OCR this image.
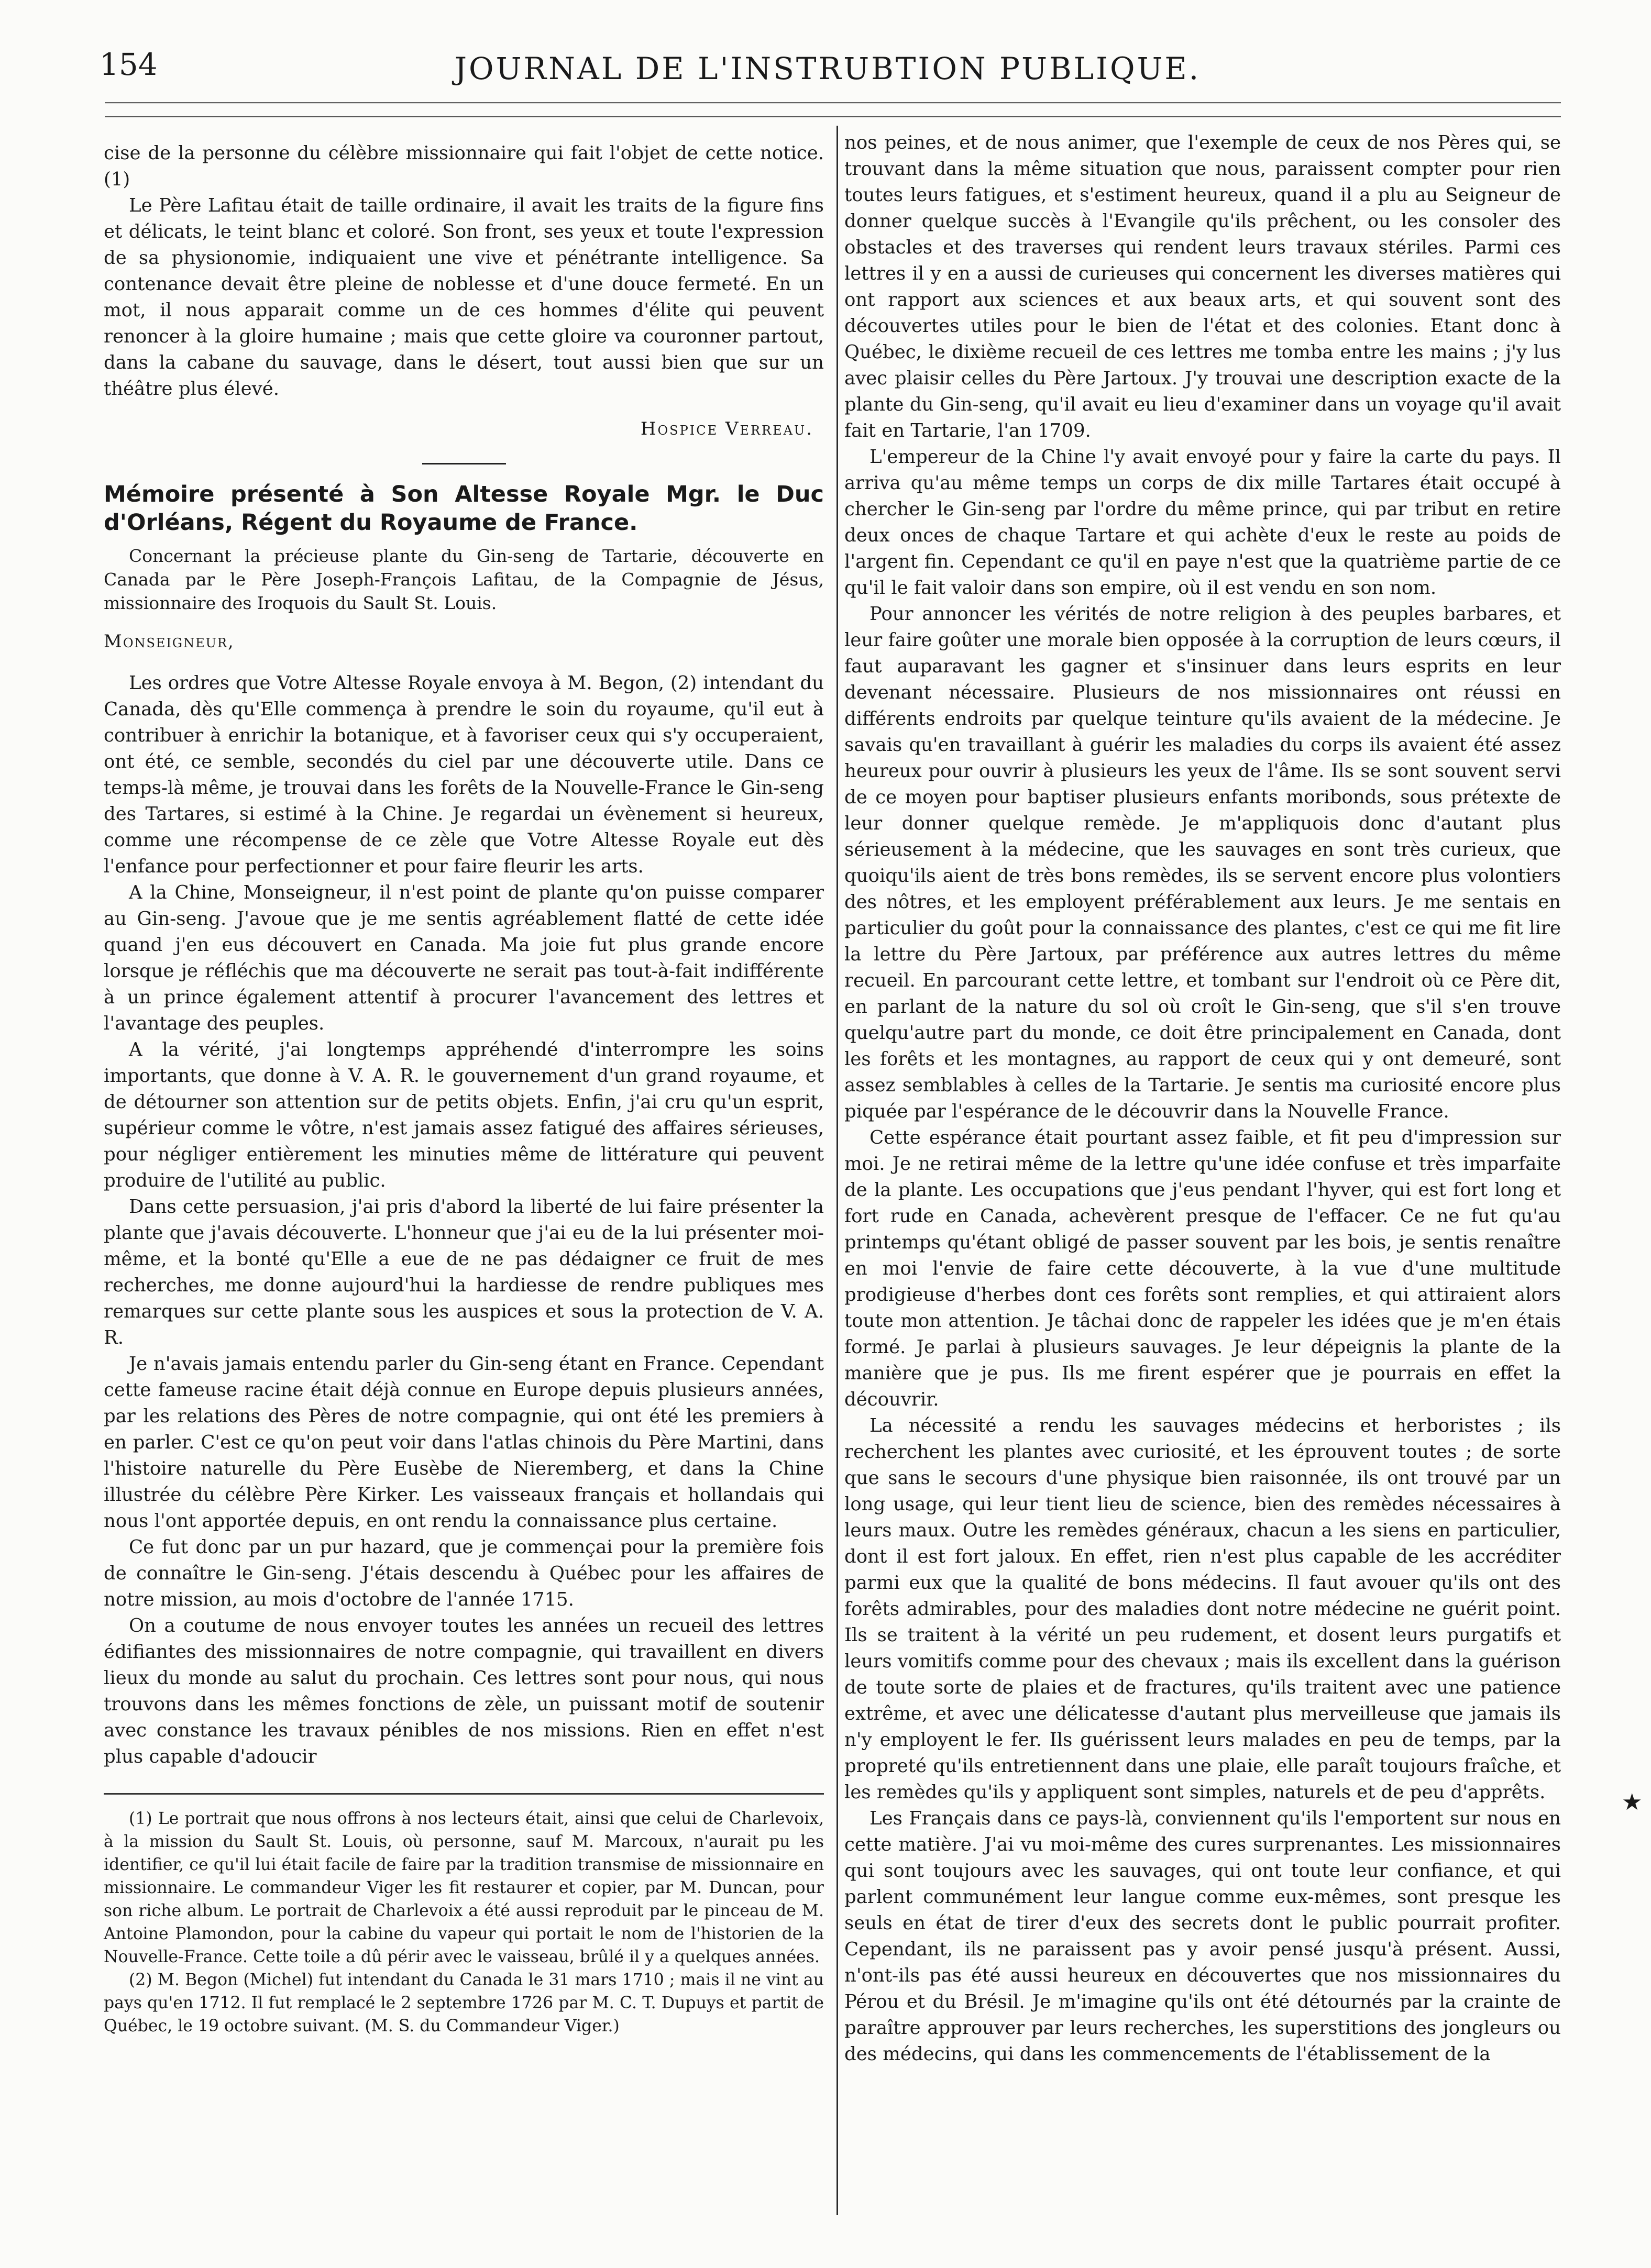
154	JOURNAL DE L'INSTRUBTION PUBLIQUE.

cise de la personne du célèbre missionnaire qui fait l'objet de cette notice. (1)

Le Père Lafitau était de taille ordinaire, il avait les traits de la figure fins et délicats, le teint blanc et coloré. Son front, ses yeux et toute l'expression de sa physionomie, indiquaient une vive et pénétrante intelligence. Sa contenance devait être pleine de noblesse et d'une douce fermeté. En un mot, il nous apparait comme un de ces hommes d'élite qui peuvent renoncer à la gloire humaine ; mais que cette gloire va couronner partout, dans la cabane du sauvage, dans le désert, tout aussi bien que sur un théâtre plus élevé.

Hospice Verreau.
Mémoire présenté à Son Altesse Royale Mgr. le Duc d'Orléans, Régent du Royaume de France.

Concernant la précieuse plante du Gin-seng de Tartarie, découverte en Canada par le Père Joseph-François Lafitau, de la Compagnie de Jésus, missionnaire des Iroquois du Sault St. Louis.

Monseigneur,

Les ordres que Votre Altesse Royale envoya à M. Begon, (2) intendant du Canada, dès qu'Elle commença à prendre le soin du royaume, qu'il eut à contribuer à enrichir la botanique, et à favoriser ceux qui s'y occuperaient, ont été, ce semble, secondés du ciel par une découverte utile. Dans ce temps-là même, je trouvai dans les forêts de la Nouvelle-France le Gin-seng des Tartares, si estimé à la Chine. Je regardai un évènement si heureux, comme une récompense de ce zèle que Votre Altesse Royale eut dès l'enfance pour perfectionner et pour faire fleurir les arts.

A la Chine, Monseigneur, il n'est point de plante qu'on puisse comparer au Gin-seng. J'avoue que je me sentis agréablement flatté de cette idée quand j'en eus découvert en Canada. Ma joie fut plus grande encore lorsque je réfléchis que ma découverte ne serait pas tout-à-fait indifférente à un prince également attentif à procurer l'avancement des lettres et l'avantage des peuples.

A la vérité, j'ai longtemps appréhendé d'interrompre les soins importants, que donne à V. A. R. le gouvernement d'un grand royaume, et de détourner son attention sur de petits objets. Enfin, j'ai cru qu'un esprit, supérieur comme le vôtre, n'est jamais assez fatigué des affaires sérieuses, pour négliger entièrement les minuties même de littérature qui peuvent produire de l'utilité au public.

Dans cette persuasion, j'ai pris d'abord la liberté de lui faire présenter la plante que j'avais découverte. L'honneur que j'ai eu de la lui présenter moi-même, et la bonté qu'Elle a eue de ne pas dédaigner ce fruit de mes recherches, me donne aujourd'hui la hardiesse de rendre publiques mes remarques sur cette plante sous les auspices et sous la protection de V. A. R.

Je n'avais jamais entendu parler du Gin-seng étant en France. Cependant cette fameuse racine était déjà connue en Europe depuis plusieurs années, par les relations des Pères de notre compagnie, qui ont été les premiers à en parler. C'est ce qu'on peut voir dans l'atlas chinois du Père Martini, dans l'histoire naturelle du Père Eusèbe de Nieremberg, et dans la Chine illustrée du célèbre Père Kirker. Les vaisseaux français et hollandais qui nous l'ont apportée depuis, en ont rendu la connaissance plus certaine.

Ce fut donc par un pur hazard, que je commençai pour la première fois de connaître le Gin-seng. J'étais descendu à Québec pour les affaires de notre mission, au mois d'octobre de l'année 1715.

On a coutume de nous envoyer toutes les années un recueil des lettres édifiantes des missionnaires de notre compagnie, qui travaillent en divers lieux du monde au salut du prochain. Ces lettres sont pour nous, qui nous trouvons dans les mêmes fonctions de zèle, un puissant motif de soutenir avec constance les travaux pénibles de nos missions. Rien en effet n'est plus capable d'adoucir

(1) Le portrait que nous offrons à nos lecteurs était, ainsi que celui de Charlevoix, à la mission du Sault St. Louis, où personne, sauf M. Marcoux, n'aurait pu les identifier, ce qu'il lui était facile de faire par la tradition transmise de missionnaire en missionnaire. Le commandeur Viger les fit restaurer et copier, par M. Duncan, pour son riche album. Le portrait de Charlevoix a été aussi reproduit par le pinceau de M. Antoine Plamondon, pour la cabine du vapeur qui portait le nom de l'historien de la Nouvelle-France. Cette toile a dû périr avec le vaisseau, brûlé il y a quelques années.

(2) M. Begon (Michel) fut intendant du Canada le 31 mars 1710 ; mais il ne vint au pays qu'en 1712. Il fut remplacé le 2 septembre 1726 par M. C. T. Dupuys et partit de Québec, le 19 octobre suivant. (M. S. du Commandeur Viger.)

nos peines, et de nous animer, que l'exemple de ceux de nos Pères qui, se trouvant dans la même situation que nous, paraissent compter pour rien toutes leurs fatigues, et s'estiment heureux, quand il a plu au Seigneur de donner quelque succès à l'Evangile qu'ils prêchent, ou les consoler des obstacles et des traverses qui rendent leurs travaux stériles. Parmi ces lettres il y en a aussi de curieuses qui concernent les diverses matières qui ont rapport aux sciences et aux beaux arts, et qui souvent sont des découvertes utiles pour le bien de l'état et des colonies. Etant donc à Québec, le dixième recueil de ces lettres me tomba entre les mains ; j'y lus avec plaisir celles du Père Jartoux. J'y trouvai une description exacte de la plante du Gin-seng, qu'il avait eu lieu d'examiner dans un voyage qu'il avait fait en Tartarie, l'an 1709.

L'empereur de la Chine l'y avait envoyé pour y faire la carte du pays. Il arriva qu'au même temps un corps de dix mille Tartares était occupé à chercher le Gin-seng par l'ordre du même prince, qui par tribut en retire deux onces de chaque Tartare et qui achète d'eux le reste au poids de l'argent fin. Cependant ce qu'il en paye n'est que la quatrième partie de ce qu'il le fait valoir dans son empire, où il est vendu en son nom.

Pour annoncer les vérités de notre religion à des peuples barbares, et leur faire goûter une morale bien opposée à la corruption de leurs cœurs, il faut auparavant les gagner et s'insinuer dans leurs esprits en leur devenant nécessaire. Plusieurs de nos missionnaires ont réussi en différents endroits par quelque teinture qu'ils avaient de la médecine. Je savais qu'en travaillant à guérir les maladies du corps ils avaient été assez heureux pour ouvrir à plusieurs les yeux de l'âme. Ils se sont souvent servi de ce moyen pour baptiser plusieurs enfants moribonds, sous prétexte de leur donner quelque remède. Je m'appliquois donc d'autant plus sérieusement à la médecine, que les sauvages en sont très curieux, que quoiqu'ils aient de très bons remèdes, ils se servent encore plus volontiers des nôtres, et les employent préférablement aux leurs. Je me sentais en particulier du goût pour la connaissance des plantes, c'est ce qui me fit lire la lettre du Père Jartoux, par préférence aux autres lettres du même recueil. En parcourant cette lettre, et tombant sur l'endroit où ce Père dit, en parlant de la nature du sol où croît le Gin-seng, que s'il s'en trouve quelqu'autre part du monde, ce doit être principalement en Canada, dont les forêts et les montagnes, au rapport de ceux qui y ont demeuré, sont assez semblables à celles de la Tartarie. Je sentis ma curiosité encore plus piquée par l'espérance de le découvrir dans la Nouvelle France.

Cette espérance était pourtant assez faible, et fit peu d'impression sur moi. Je ne retirai même de la lettre qu'une idée confuse et très imparfaite de la plante. Les occupations que j'eus pendant l'hyver, qui est fort long et fort rude en Canada, achevèrent presque de l'effacer. Ce ne fut qu'au printemps qu'étant obligé de passer souvent par les bois, je sentis renaître en moi l'envie de faire cette découverte, à la vue d'une multitude prodigieuse d'herbes dont ces forêts sont remplies, et qui attiraient alors toute mon attention. Je tâchai donc de rappeler les idées que je m'en étais formé. Je parlai à plusieurs sauvages. Je leur dépeignis la plante de la manière que je pus. Ils me firent espérer que je pourrais en effet la découvrir.

La nécessité a rendu les sauvages médecins et herboristes ; ils recherchent les plantes avec curiosité, et les éprouvent toutes ; de sorte que sans le secours d'une physique bien raisonnée, ils ont trouvé par un long usage, qui leur tient lieu de science, bien des remèdes nécessaires à leurs maux. Outre les remèdes généraux, chacun a les siens en particulier, dont il est fort jaloux. En effet, rien n'est plus capable de les accréditer parmi eux que la qualité de bons médecins. Il faut avouer qu'ils ont des forêts admirables, pour des maladies dont notre médecine ne guérit point. Ils se traitent à la vérité un peu rudement, et dosent leurs purgatifs et leurs vomitifs comme pour des chevaux ; mais ils excellent dans la guérison de toute sorte de plaies et de fractures, qu'ils traitent avec une patience extrême, et avec une délicatesse d'autant plus merveilleuse que jamais ils n'y employent le fer. Ils guérissent leurs malades en peu de temps, par la propreté qu'ils entretiennent dans une plaie, elle paraît toujours fraîche, et les remèdes qu'ils y appliquent sont simples, naturels et de peu d'apprêts.

Les Français dans ce pays-là, conviennent qu'ils l'emportent sur nous en cette matière. J'ai vu moi-même des cures surprenantes. Les missionnaires qui sont toujours avec les sauvages, qui ont toute leur confiance, et qui parlent communément leur langue comme eux-mêmes, sont presque les seuls en état de tirer d'eux des secrets dont le public pourrait profiter. Cependant, ils ne paraissent pas y avoir pensé jusqu'à présent. Aussi, n'ont-ils pas été aussi heureux en découvertes que nos missionnaires du Pérou et du Brésil. Je m'imagine qu'ils ont été détournés par la crainte de paraître approuver par leurs recherches, les superstitions des jongleurs ou des médecins, qui dans les commencements de l'établissement de la

★
